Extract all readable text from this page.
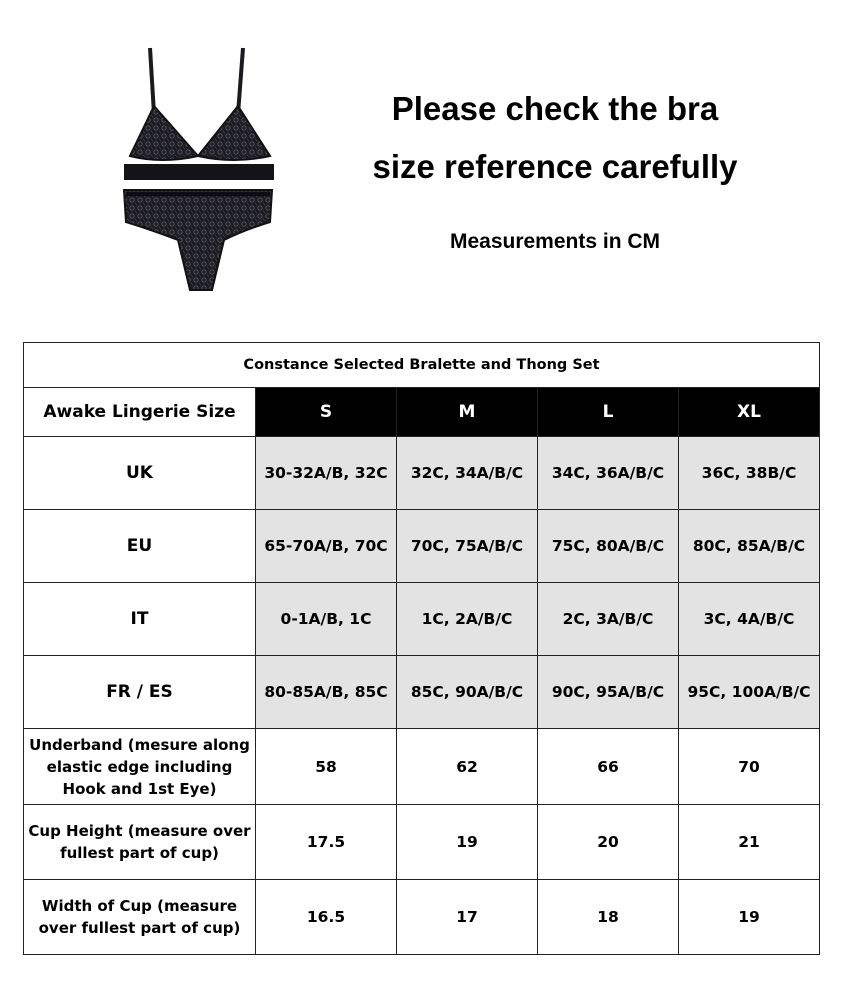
Please check the bra
size reference carefully
Measurements in CM
Constance Selected Bralette and Thong Set				
Awake Lingerie Size	S	M	L	XL
UK	30-32A/B, 32C	32C, 34A/B/C	34C, 36A/B/C	36C, 38B/C
EU	65-70A/B, 70C	70C, 75A/B/C	75C, 80A/B/C	80C, 85A/B/C
IT	0-1A/B, 1C	1C, 2A/B/C	2C, 3A/B/C	3C, 4A/B/C
FR / ES	80-85A/B, 85C	85C, 90A/B/C	90C, 95A/B/C	95C, 100A/B/C
Underband (mesure along elastic edge including Hook and 1st Eye)	58	62	66	70
Cup Height (measure over fullest part of cup)	17.5	19	20	21
Width of Cup (measure over fullest part of cup)	16.5	17	18	19
